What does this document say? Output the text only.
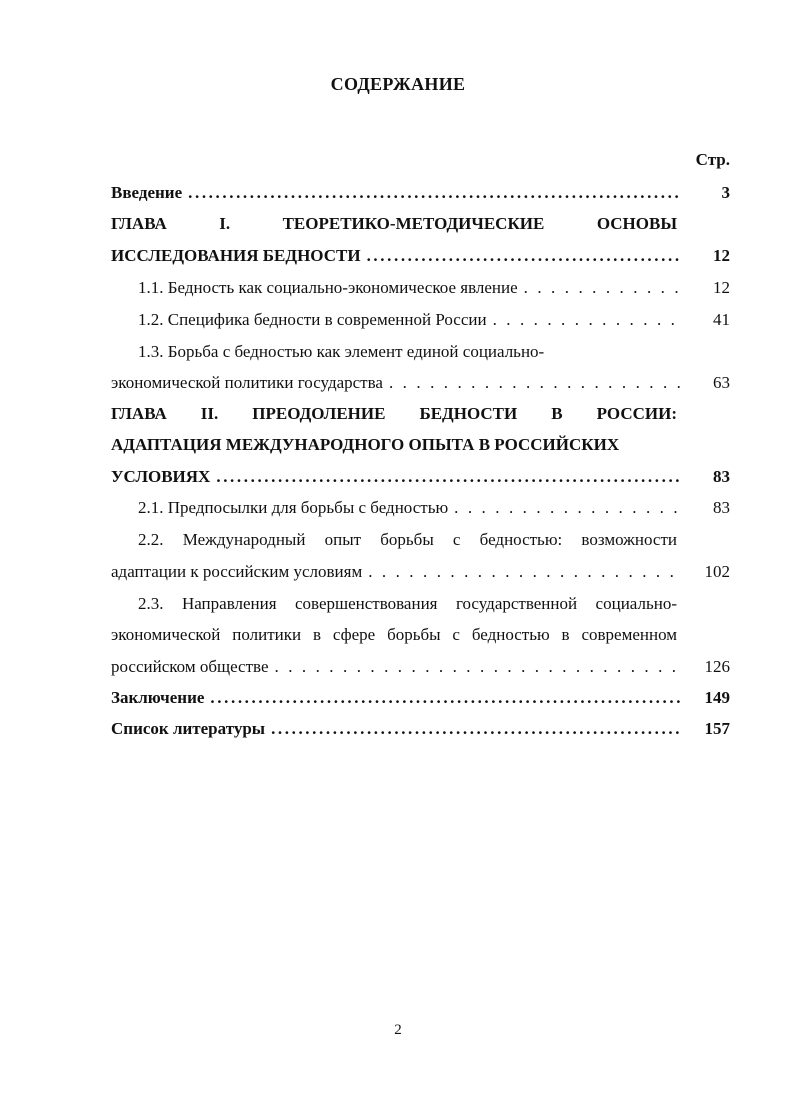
СОДЕРЖАНИЕ
Стр.
Введение .....	3
ГЛАВА	I.	ТЕОРЕТИКО-МЕТОДИЧЕСКИЕ	ОСНОВЫ
ИССЛЕДОВАНИЯ БЕДНОСТИ .....	12
1.1. Бедность как социально-экономическое явление . . .	12
1.2. Специфика бедности в современной России . . .	41
1.3. Борьба с бедностью как элемент единой социально-
экономической политики государства . . .	63
ГЛАВА II. ПРЕОДОЛЕНИЕ БЕДНОСТИ В РОССИИ:
АДАПТАЦИЯ МЕЖДУНАРОДНОГО ОПЫТА В РОССИЙСКИХ
УСЛОВИЯХ .....	83
2.1. Предпосылки для борьбы с бедностью . . .	83
2.2. Международный опыт борьбы с бедностью: возможности
адаптации к российским условиям . . .	102
2.3. Направления совершенствования государственной социально-
экономической политики в сфере борьбы с бедностью в современном
российском обществе . . .	126
Заключение .....	149
Список литературы .....	157
2
